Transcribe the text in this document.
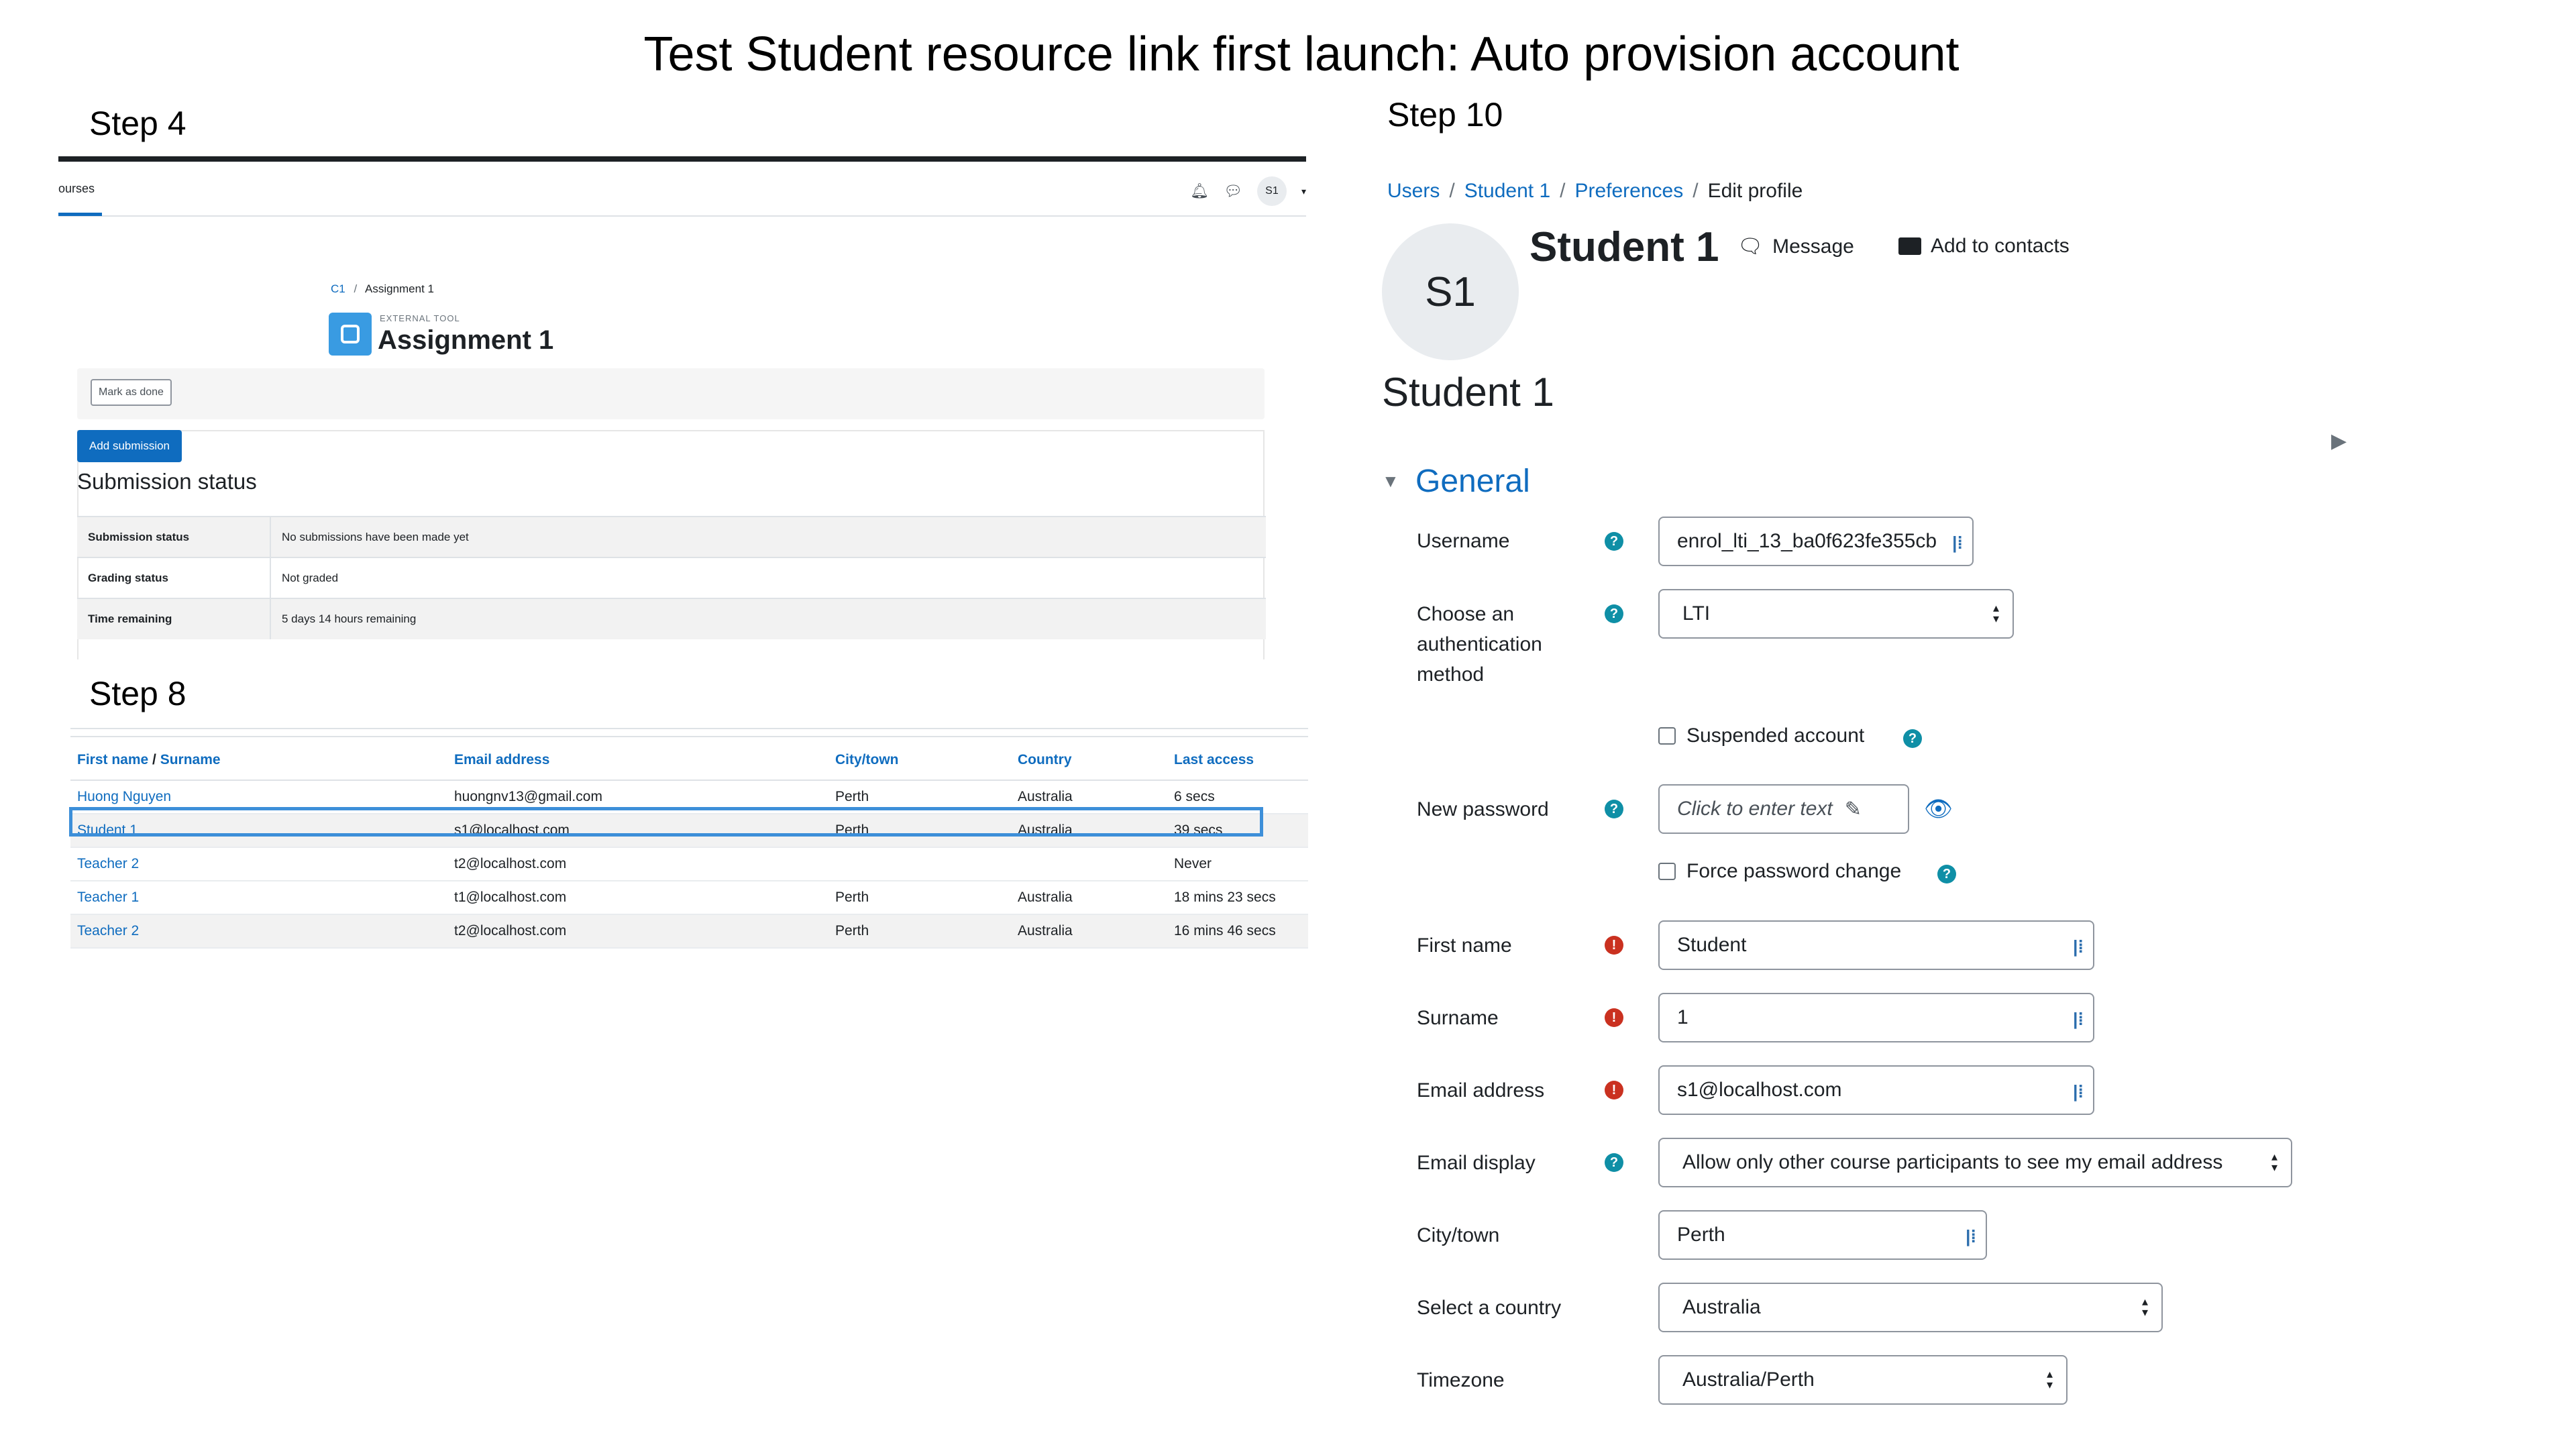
Test Student resource link first launch: Auto provision account
Step 4
Step 8
Step 10
ourses	🔔︎ 💬︎	S1	▾
C1 / Assignment 1
EXTERNAL TOOL
Assignment 1
Mark as done
Add submission
Submission status
Submission status	No submissions have been made yet
Grading status	Not graded
Time remaining	5 days 14 hours remaining
First name / Surname	Email address	City/town	Country	Last access
Huong Nguyen	huongnv13@gmail.com	Perth	Australia	6 secs
Student 1	s1@localhost.com	Perth	Australia	39 secs
Teacher 2	t2@localhost.com			Never
Teacher 1	t1@localhost.com	Perth	Australia	18 mins 23 secs
Teacher 2	t2@localhost.com	Perth	Australia	16 mins 46 secs
Users / Student 1 / Preferences / Edit profile
S1
Student 1 🗨︎ Message	Add to contacts
Student 1
▶
▼ General
Username	?	enrol_lti_13_ba0f623fe355cb |⁞
Choose an authentication method
?	LTI	▴
▾
Suspended account	?
New password	?	Click to enter text ✎	👁︎
Force password change	?
First name	!	Student	|⁞
Surname	!	1	|⁞
Email address	!	s1@localhost.com	|⁞
Email display	?	Allow only other course participants to see my email address	▴
▾
City/town	Perth	|⁞
Select a country	Australia	▴
▾
Timezone	Australia/Perth	▴
▾
